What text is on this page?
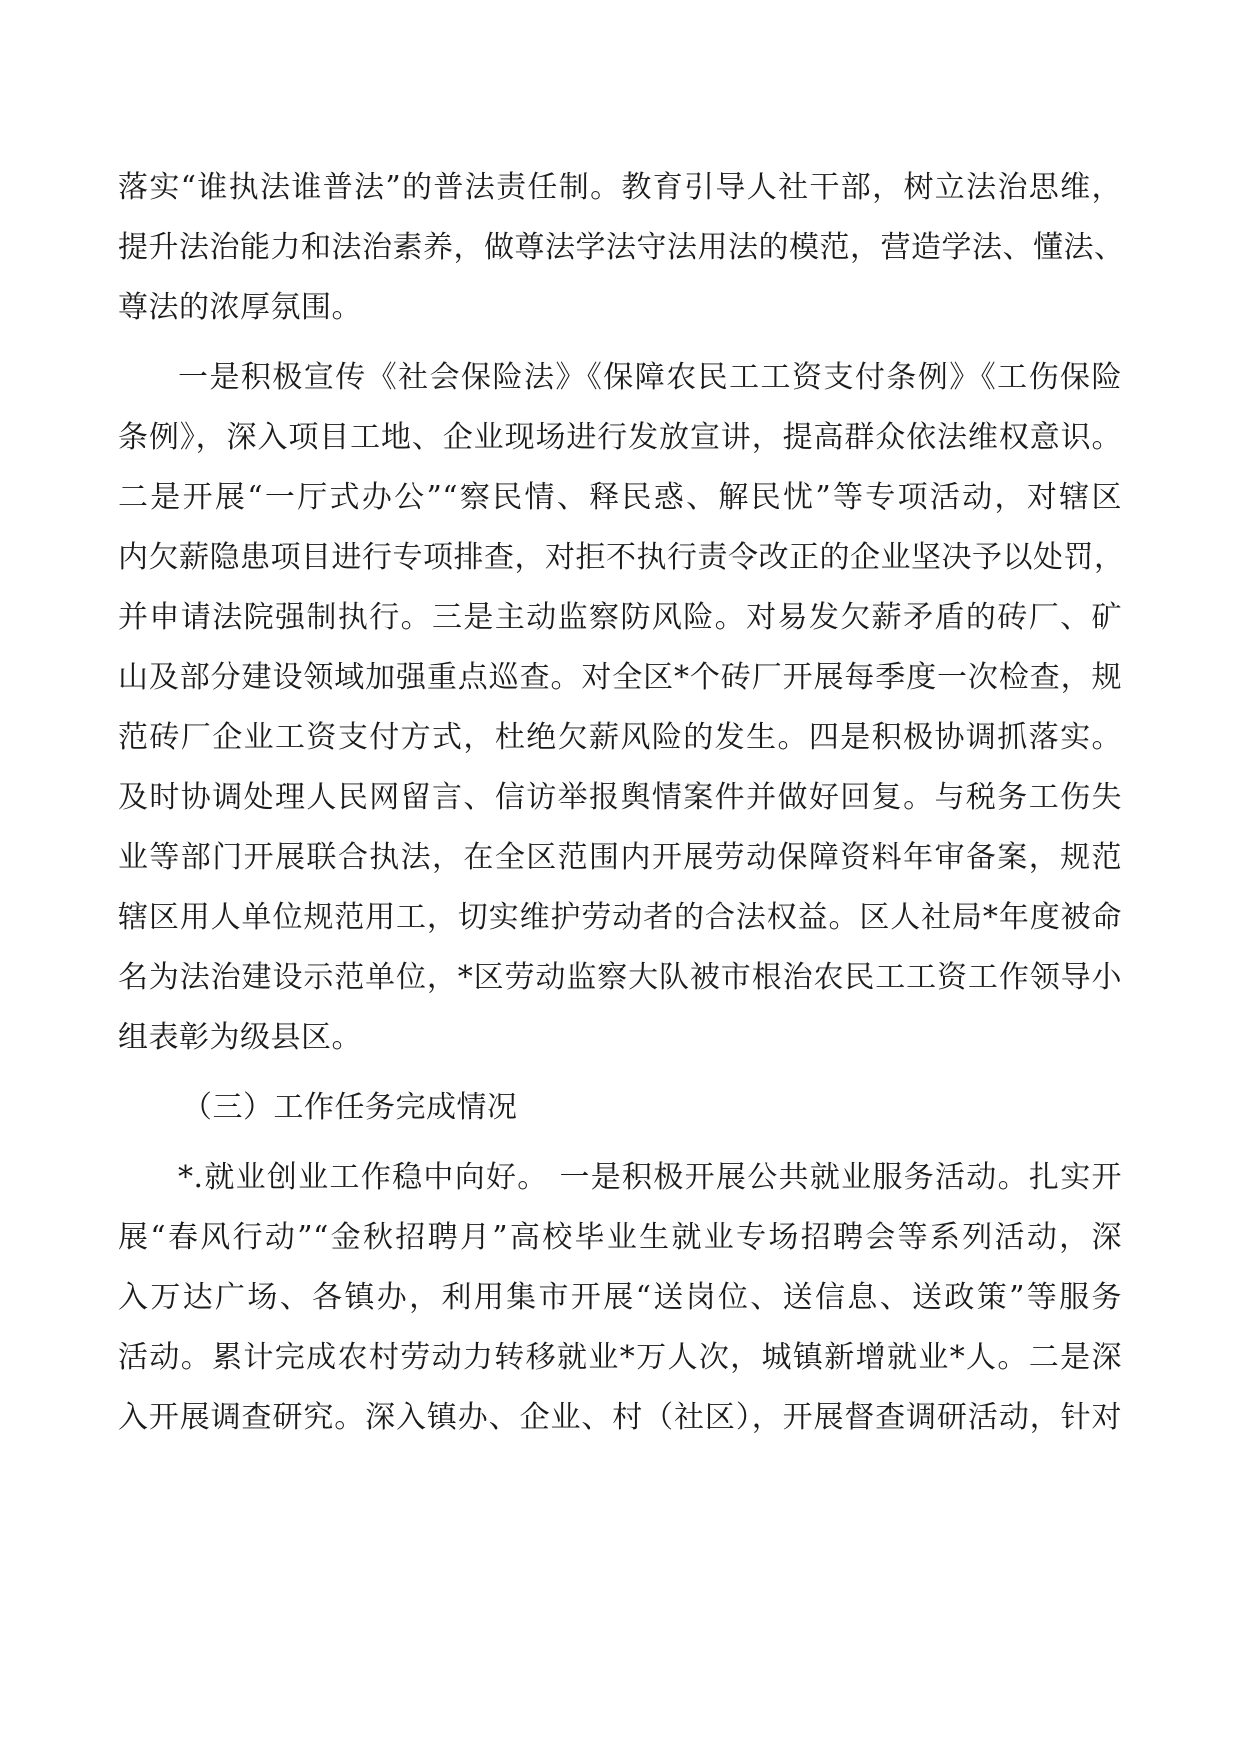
落实“谁执法谁普法”的普法责任制。教育引导人社干部，树立法治思维，
提升法治能力和法治素养，做尊法学法守法用法的模范，营造学法、懂法、
尊法的浓厚氛围。
一是积极宣传《社会保险法》《保障农民工工资支付条例》《工伤保险
条例》，深入项目工地、企业现场进行发放宣讲，提高群众依法维权意识。
二是开展“一厅式办公”“察民情、释民惑、解民忧”等专项活动，对辖区
内欠薪隐患项目进行专项排查，对拒不执行责令改正的企业坚决予以处罚，
并申请法院强制执行。三是主动监察防风险。对易发欠薪矛盾的砖厂、矿
山及部分建设领域加强重点巡查。对全区*个砖厂开展每季度一次检查，规
范砖厂企业工资支付方式，杜绝欠薪风险的发生。四是积极协调抓落实。
及时协调处理人民网留言、信访举报舆情案件并做好回复。与税务工伤失
业等部门开展联合执法，在全区范围内开展劳动保障资料年审备案，规范
辖区用人单位规范用工，切实维护劳动者的合法权益。区人社局*年度被命
名为法治建设示范单位，*区劳动监察大队被市根治农民工工资工作领导小
组表彰为级县区。
（三）工作任务完成情况
*.就业创业工作稳中向好。 一是积极开展公共就业服务活动。扎实开
展“春风行动”“金秋招聘月”高校毕业生就业专场招聘会等系列活动，深
入万达广场、各镇办，利用集市开展“送岗位、送信息、送政策”等服务
活动。累计完成农村劳动力转移就业*万人次，城镇新增就业*人。二是深
入开展调查研究。深入镇办、企业、村（社区），开展督查调研活动，针对
